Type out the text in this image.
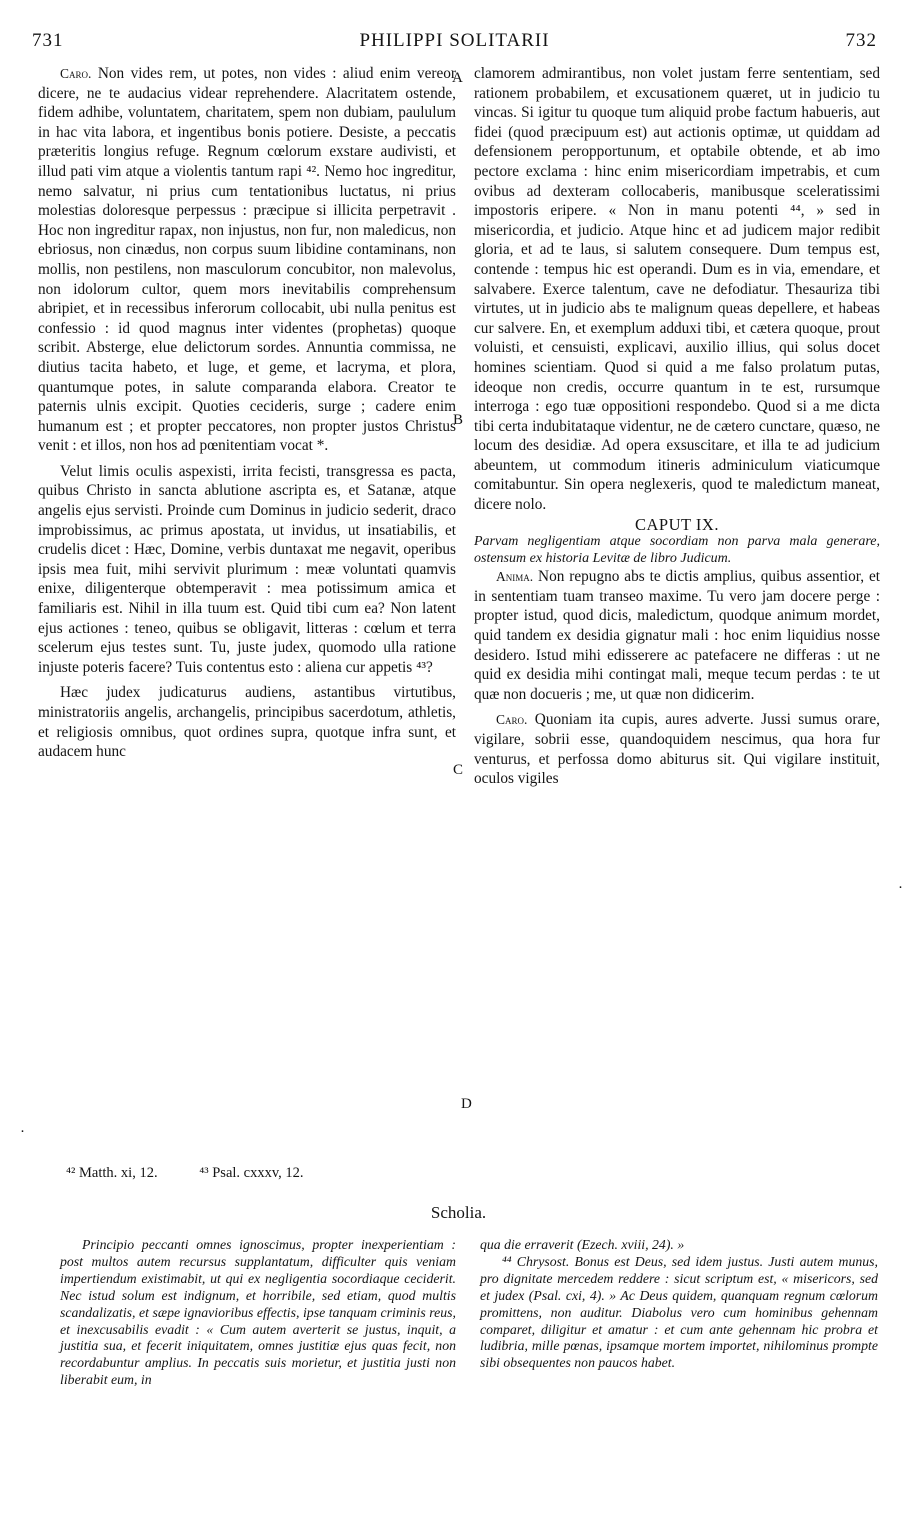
731	PHILIPPI SOLITARII	732

Caro. Non vides rem, ut potes, non vides : aliud enim vereor dicere, ne te audacius videar reprehendere. Alacritatem ostende, fidem adhibe, voluntatem, charitatem, spem non dubiam, paululum in hac vita labora, et ingentibus bonis potiere. Desiste, a peccatis præteritis longius refuge. Regnum cœlorum exstare audivisti, et illud pati vim atque a violentis tantum rapi ⁴². Nemo hoc ingreditur, nemo salvatur, ni prius cum tentationibus luctatus, ni prius molestias doloresque perpessus : præcipue si illicita perpetravit . Hoc non ingreditur rapax, non injustus, non fur, non maledicus, non ebriosus, non cinædus, non corpus suum libidine contaminans, non mollis, non pestilens, non masculorum concubitor, non malevolus, non idolorum cultor, quem mors inevitabilis comprehensum abripiet, et in recessibus inferorum collocabit, ubi nulla penitus est confessio : id quod magnus inter videntes (prophetas) quoque scribit. Absterge, elue delictorum sordes. Annuntia commissa, ne diutius tacita habeto, et luge, et geme, et lacryma, et plora, quantumque potes, in salute comparanda elabora. Creator te paternis ulnis excipit. Quoties cecideris, surge ; cadere enim humanum est ; et propter peccatores, non propter justos Christus venit : et illos, non hos ad pœnitentiam vocat *.

Velut limis oculis aspexisti, irrita fecisti, transgressa es pacta, quibus Christo in sancta ablutione ascripta es, et Satanæ, atque angelis ejus servisti. Proinde cum Dominus in judicio sederit, draco improbissimus, ac primus apostata, ut invidus, ut insatiabilis, et crudelis dicet : Hæc, Domine, verbis duntaxat me negavit, operibus ipsis mea fuit, mihi servivit plurimum : meæ voluntati quamvis enixe, diligenterque obtemperavit : mea potissimum amica et familiaris est. Nihil in illa tuum est. Quid tibi cum ea? Non latent ejus actiones : teneo, quibus se obligavit, litteras : cœlum et terra scelerum ejus testes sunt. Tu, juste judex, quomodo ulla ratione injuste poteris facere? Tuis contentus esto : aliena cur appetis ⁴³?

Hæc judex judicaturus audiens, astantibus virtutibus, ministratoriis angelis, archangelis, principibus sacerdotum, athletis, et religiosis omnibus, quot ordines supra, quotque infra sunt, et audacem hunc

clamorem admirantibus, non volet justam ferre sententiam, sed rationem probabilem, et excusationem quæret, ut in judicio tu vincas. Si igitur tu quoque tum aliquid probe factum habueris, aut fidei (quod præcipuum est) aut actionis optimæ, ut quiddam ad defensionem peropportunum, et optabile obtende, et ab imo pectore exclama : hinc enim misericordiam impetrabis, et cum ovibus ad dexteram collocaberis, manibusque sceleratissimi impostoris eripere. « Non in manu potenti ⁴⁴, » sed in misericordia, et judicio. Atque hinc et ad judicem major redibit gloria, et ad te laus, si salutem consequere. Dum tempus est, contende : tempus hic est operandi. Dum es in via, emendare, et salvabere. Exerce talentum, cave ne defodiatur. Thesauriza tibi virtutes, ut in judicio abs te malignum queas depellere, et habeas cur salvere. En, et exemplum adduxi tibi, et cætera quoque, prout voluisti, et censuisti, explicavi, auxilio illius, qui solus docet homines scientiam. Quod si quid a me falso prolatum putas, ideoque non credis, occurre quantum in te est, rursumque interroga : ego tuæ oppositioni respondebo. Quod si a me dicta tibi certa indubitataque videntur, ne de cætero cunctare, quæso, ne locum des desidiæ. Ad opera exsuscitare, et illa te ad judicium abeuntem, ut commodum itineris adminiculum viaticumque comitabuntur. Sin opera neglexeris, quod te maledictum maneat, dicere nolo.

CAPUT IX.

Parvam negligentiam atque socordiam non parva mala generare, ostensum ex historia Levitæ de libro Judicum.

Anima. Non repugno abs te dictis amplius, quibus assentior, et in sententiam tuam transeo maxime. Tu vero jam docere perge : propter istud, quod dicis, maledictum, quodque animum mordet, quid tandem ex desidia gignatur mali : hoc enim liquidius nosse desidero. Istud mihi edisserere ac patefacere ne differas : ut ne quid ex desidia mihi contingat mali, meque tecum perdas : te ut quæ non docueris ; me, ut quæ non didicerim.

Caro. Quoniam ita cupis, aures adverte. Jussi sumus orare, vigilare, sobrii esse, quandoquidem nescimus, qua hora fur venturus, et perfossa domo abiturus sit. Qui vigilare instituit, oculos vigiles

A
B
C
D
·
·
⁴² Matth. xi, 12.	⁴³ Psal. cxxxv, 12.
Scholia.

Principio peccanti omnes ignoscimus, propter inexperientiam : post multos autem recursus supplantatum, difficulter quis veniam impertiendum existimabit, ut qui ex negligentia socordiaque ceciderit. Nec istud solum est indignum, et horribile, sed etiam, quod multis scandalizatis, et sæpe ignavioribus effectis, ipse tanquam criminis reus, et inexcusabilis evadit : « Cum autem averterit se justus, inquit, a justitia sua, et fecerit iniquitatem, omnes justitiæ ejus quas fecit, non recordabuntur amplius. In peccatis suis morietur, et justitia justi non liberabit eum, in

qua die erraverit (Ezech. xviii, 24). »

⁴⁴ Chrysost. Bonus est Deus, sed idem justus. Justi autem munus, pro dignitate mercedem reddere : sicut scriptum est, « misericors, sed et judex (Psal. cxi, 4). » Ac Deus quidem, quanquam regnum cœlorum promittens, non auditur. Diabolus vero cum hominibus gehennam comparet, diligitur et amatur : et cum ante gehennam hic probra et ludibria, mille pœnas, ipsamque mortem importet, nihilominus prompte sibi obsequentes non paucos habet.
